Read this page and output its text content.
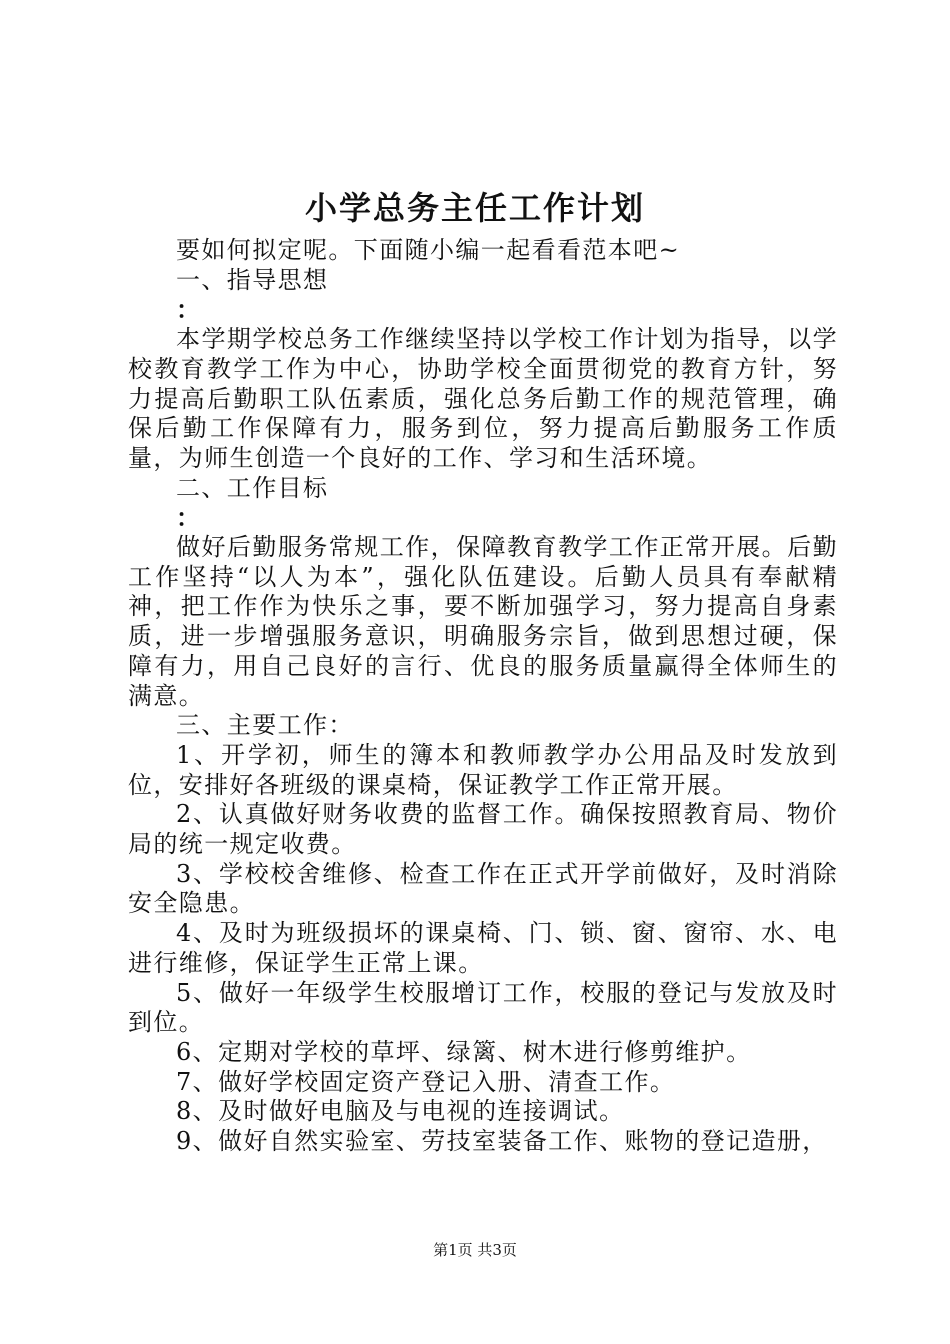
小学总务主任工作计划

要如何拟定呢。下面随小编一起看看范本吧~

一、指导思想

：

本学期学校总务工作继续坚持以学校工作计划为指导，以学校教育教学工作为中心，协助学校全面贯彻党的教育方针，努力提高后勤职工队伍素质，强化总务后勤工作的规范管理，确保后勤工作保障有力，服务到位，努力提高后勤服务工作质量，为师生创造一个良好的工作、学习和生活环境。

二、工作目标

：

做好后勤服务常规工作，保障教育教学工作正常开展。后勤工作坚持“以人为本”，强化队伍建设。后勤人员具有奉献精神，把工作作为快乐之事，要不断加强学习，努力提高自身素质，进一步增强服务意识，明确服务宗旨，做到思想过硬，保障有力，用自己良好的言行、优良的服务质量赢得全体师生的满意。

三、主要工作：

1、开学初，师生的簿本和教师教学办公用品及时发放到位，安排好各班级的课桌椅，保证教学工作正常开展。

2、认真做好财务收费的监督工作。确保按照教育局、物价局的统一规定收费。

3、学校校舍维修、检查工作在正式开学前做好，及时消除安全隐患。

4、及时为班级损坏的课桌椅、门、锁、窗、窗帘、水、电进行维修，保证学生正常上课。

5、做好一年级学生校服增订工作，校服的登记与发放及时到位。

6、定期对学校的草坪、绿篱、树木进行修剪维护。

7、做好学校固定资产登记入册、清查工作。

8、及时做好电脑及与电视的连接调试。

9、做好自然实验室、劳技室装备工作、账物的登记造册，

第1页 共3页
